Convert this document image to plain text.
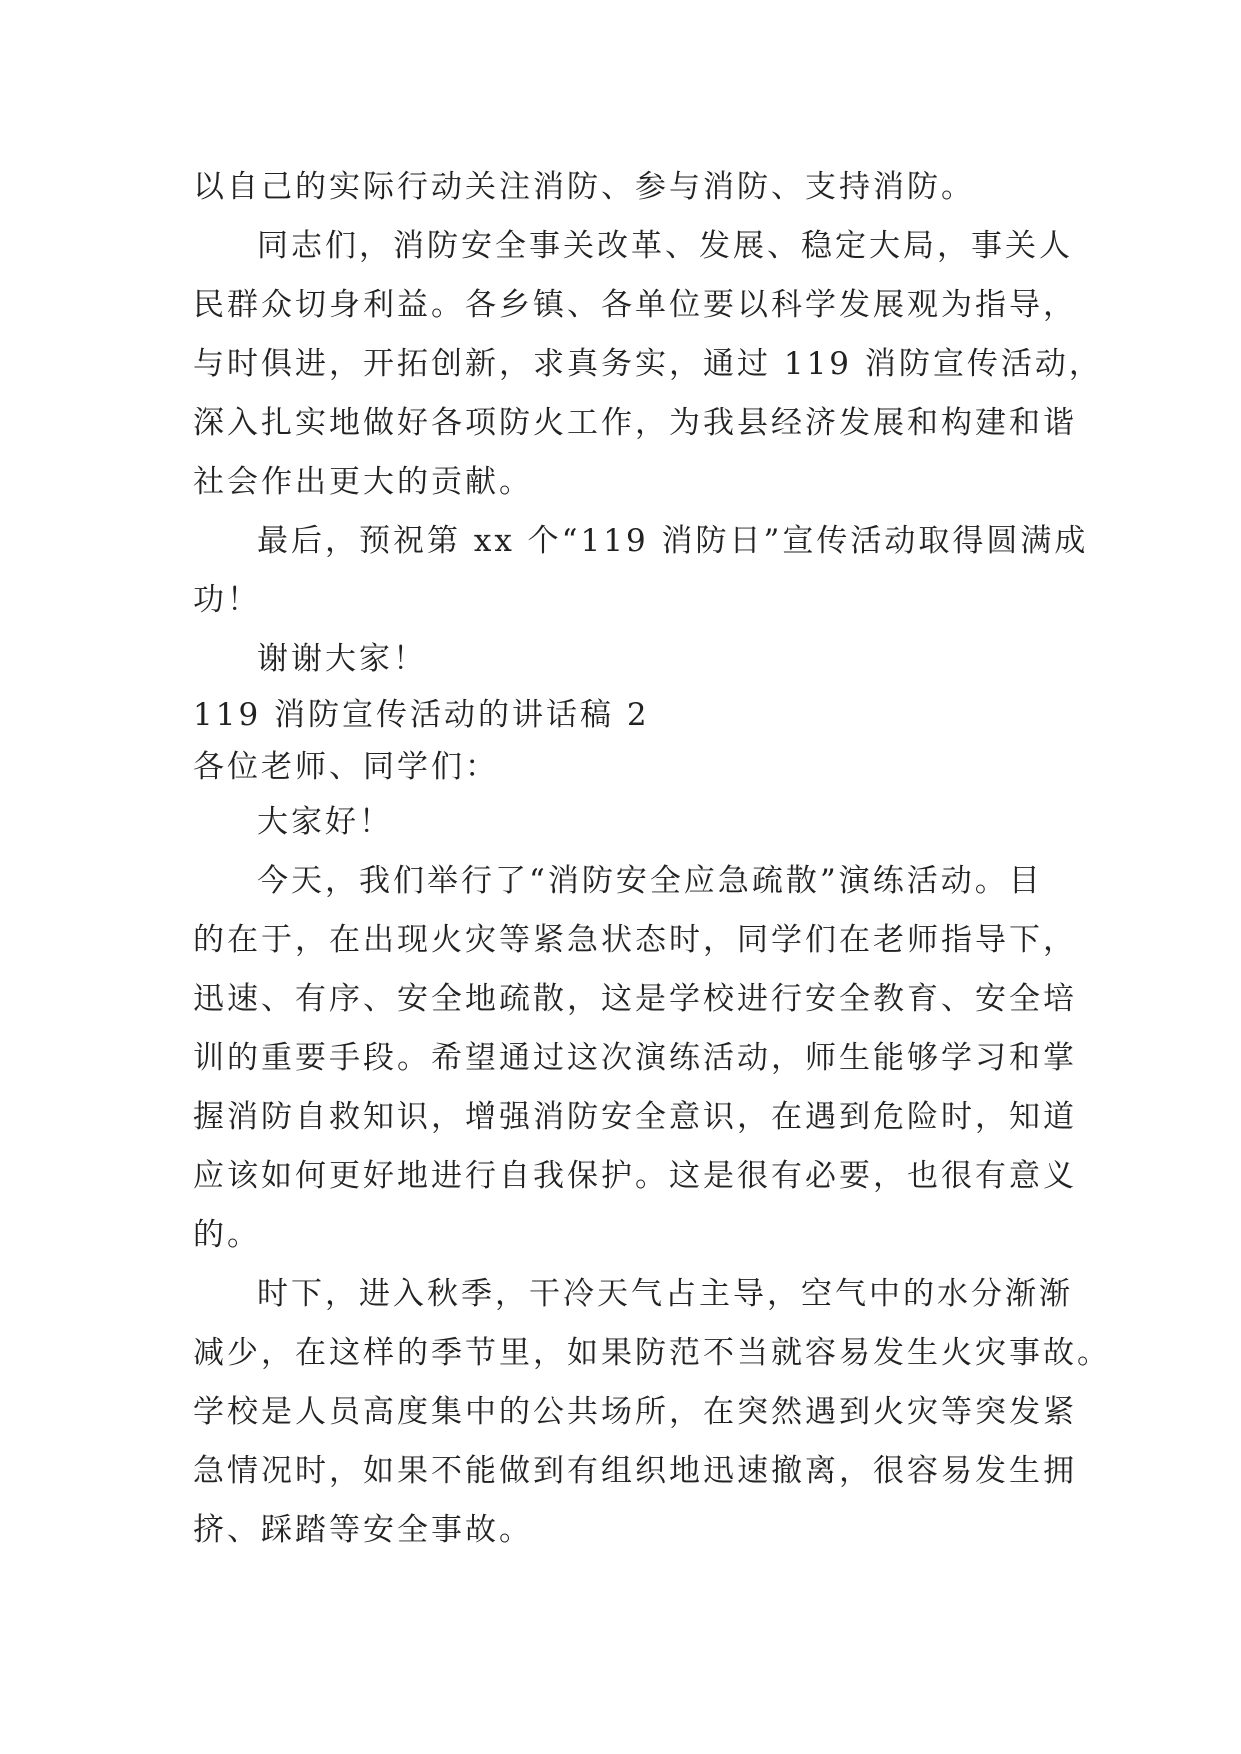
以自己的实际行动关注消防、参与消防、支持消防。
同志们，消防安全事关改革、发展、稳定大局，事关人
民群众切身利益。各乡镇、各单位要以科学发展观为指导，
与时俱进，开拓创新，求真务实，通过 119 消防宣传活动，
深入扎实地做好各项防火工作，为我县经济发展和构建和谐
社会作出更大的贡献。
最后，预祝第 xx 个“119 消防日”宣传活动取得圆满成
功！
谢谢大家！
119 消防宣传活动的讲话稿 2
各位老师、同学们：
大家好！
今天，我们举行了“消防安全应急疏散”演练活动。目
的在于，在出现火灾等紧急状态时，同学们在老师指导下，
迅速、有序、安全地疏散，这是学校进行安全教育、安全培
训的重要手段。希望通过这次演练活动，师生能够学习和掌
握消防自救知识，增强消防安全意识，在遇到危险时，知道
应该如何更好地进行自我保护。这是很有必要，也很有意义
的。
时下，进入秋季，干冷天气占主导，空气中的水分渐渐
减少，在这样的季节里，如果防范不当就容易发生火灾事故。
学校是人员高度集中的公共场所，在突然遇到火灾等突发紧
急情况时，如果不能做到有组织地迅速撤离，很容易发生拥
挤、踩踏等安全事故。
